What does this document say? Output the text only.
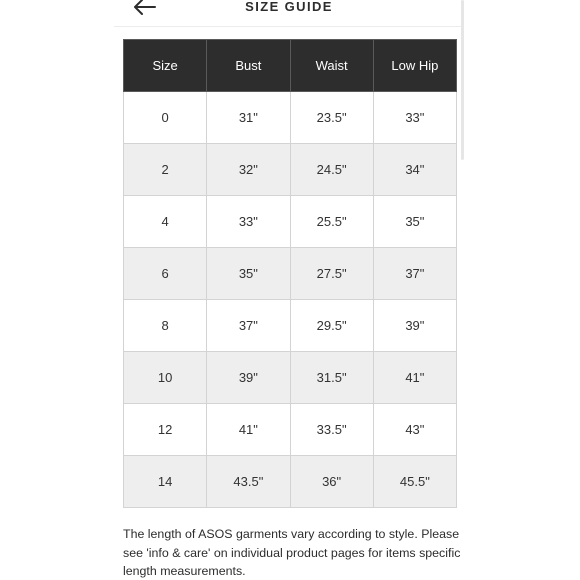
SIZE GUIDE
Size	Bust	Waist	Low Hip
0	31"	23.5"	33"
2	32"	24.5"	34"
4	33"	25.5"	35"
6	35"	27.5"	37"
8	37"	29.5"	39"
10	39"	31.5"	41"
12	41"	33.5"	43"
14	43.5"	36"	45.5"
The length of ASOS garments vary according to style. Please see 'info & care' on individual product pages for items specific length measurements.
